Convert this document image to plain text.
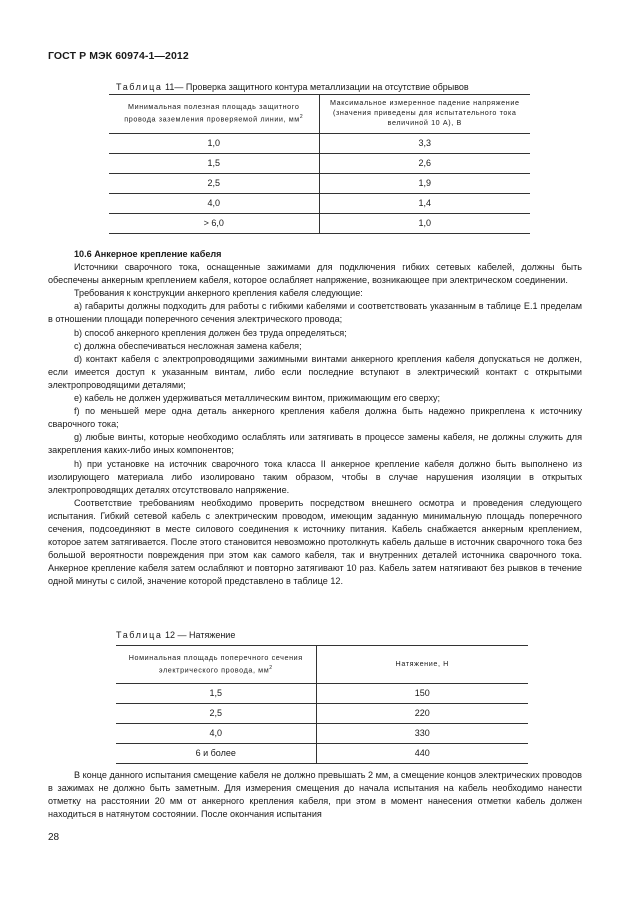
ГОСТ Р МЭК 60974-1—2012
Таблица 11— Проверка защитного контура металлизации на отсутствие обрывов
Минимальная полезная площадь защитного провода заземления проверяемой линии, $мм^2$	Максимальное измеренное падение напряжение (значения приведены для испытательного тока величиной 10 А), В
1,0	3,3
1,5	2,6
2,5	1,9
4,0	1,4
> 6,0	1,0

10.6 Анкерное крепление кабеля

Источники сварочного тока, оснащенные зажимами для подключения гибких сетевых кабелей, должны быть обеспечены анкерным креплением кабеля, которое ослабляет напряжение, возникающее при электрическом соединении.

Требования к конструкции анкерного крепления кабеля следующие:

а) габариты должны подходить для работы с гибкими кабелями и соответствовать указанным в таблице Е.1 пределам в отношении площади поперечного сечения электрического провода;

b) способ анкерного крепления должен без труда определяться;

c) должна обеспечиваться несложная замена кабеля;

d) контакт кабеля с электропроводящими зажимными винтами анкерного крепления кабеля допускаться не должен, если имеется доступ к указанным винтам, либо если последние вступают в электрический контакт с открытыми электропроводящими деталями;

e) кабель не должен удерживаться металлическим винтом, прижимающим его сверху;

f) по меньшей мере одна деталь анкерного крепления кабеля должна быть надежно прикреплена к источнику сварочного тока;

g) любые винты, которые необходимо ослаблять или затягивать в процессе замены кабеля, не должны служить для закрепления каких-либо иных компонентов;

h) при установке на источник сварочного тока класса II анкерное крепление кабеля должно быть выполнено из изолирующего материала либо изолировано таким образом, чтобы в случае нарушения изоляции в открытых электропроводящих деталях отсутствовало напряжение.

Соответствие требованиям необходимо проверить посредством внешнего осмотра и проведения следующего испытания. Гибкий сетевой кабель с электрическим проводом, имеющим заданную минимальную площадь поперечного сечения, подсоединяют в месте силового соединения к источнику питания. Кабель снабжается анкерным креплением, которое затем затягивается. После этого становится невозможно протолкнуть кабель дальше в источник сварочного тока без большой вероятности повреждения при этом как самого кабеля, так и внутренних деталей источника сварочного тока. Анкерное крепление кабеля затем ослабляют и повторно затягивают 10 раз. Кабель затем натягивают без рывков в течение одной минуты с силой, значение которой представлено в таблице 12.

Таблица 12 — Натяжение
Номинальная площадь поперечного сечения электрического провода, $мм^2$	Натяжение, Н
1,5	150
2,5	220
4,0	330
6 и более	440

В конце данного испытания смещение кабеля не должно превышать 2 мм, а смещение концов электрических проводов в зажимах не должно быть заметным. Для измерения смещения до начала испытания на кабель необходимо нанести отметку на расстоянии 20 мм от анкерного крепления кабеля, при этом в момент нанесения отметки кабель должен находиться в натянутом состоянии. После окончания испытания

28
